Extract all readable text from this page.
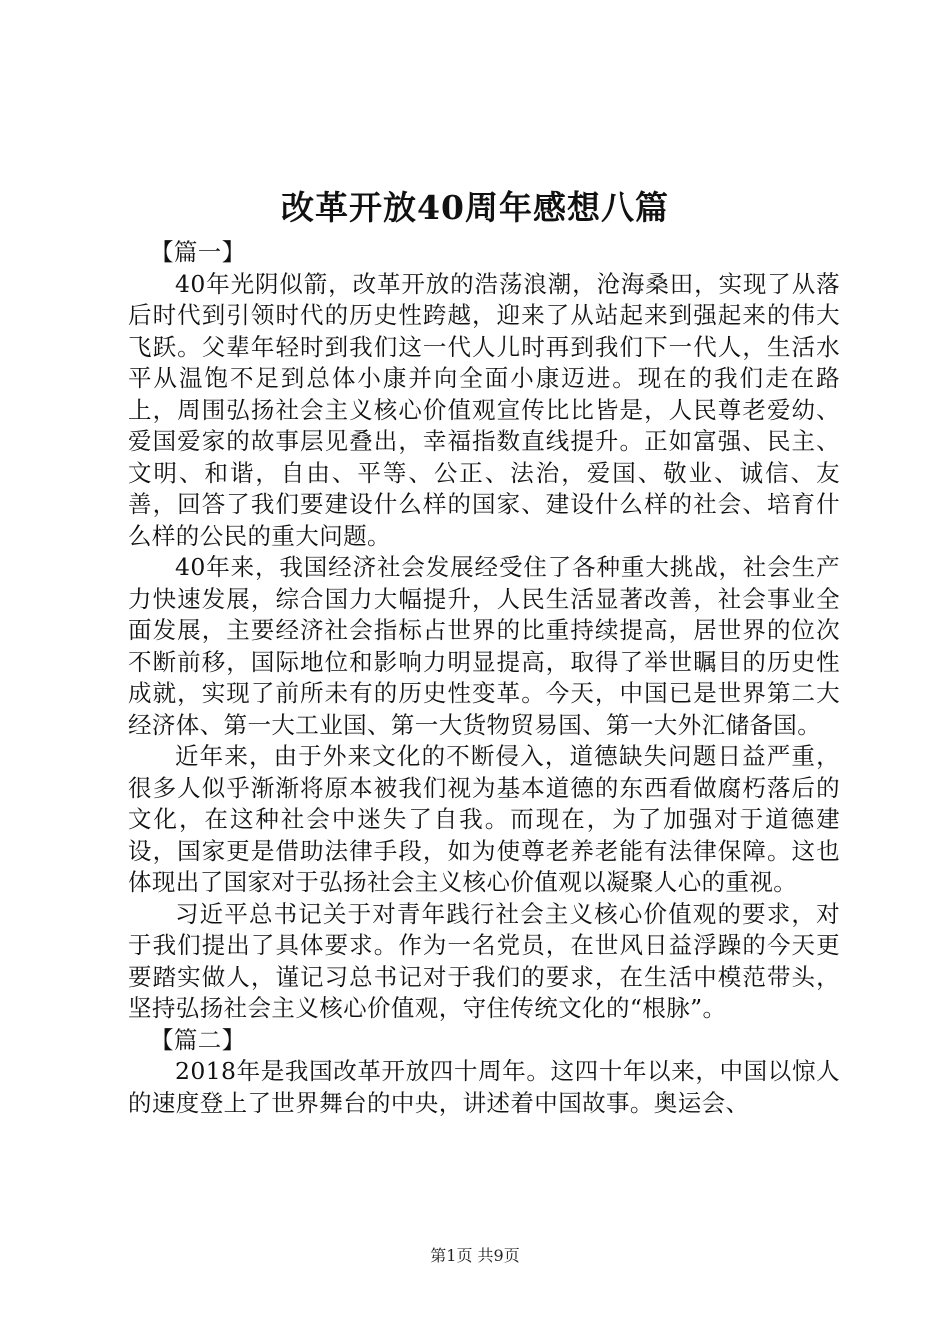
改革开放40周年感想八篇

【篇一】

40年光阴似箭，改革开放的浩荡浪潮，沧海桑田，实现了从落后时代到引领时代的历史性跨越，迎来了从站起来到强起来的伟大飞跃。父辈年轻时到我们这一代人儿时再到我们下一代人，生活水平从温饱不足到总体小康并向全面小康迈进。现在的我们走在路上，周围弘扬社会主义核心价值观宣传比比皆是，人民尊老爱幼、爱国爱家的故事层见叠出，幸福指数直线提升。正如富强、民主、文明、和谐，自由、平等、公正、法治，爱国、敬业、诚信、友善，回答了我们要建设什么样的国家、建设什么样的社会、培育什么样的公民的重大问题。

40年来，我国经济社会发展经受住了各种重大挑战，社会生产力快速发展，综合国力大幅提升，人民生活显著改善，社会事业全面发展，主要经济社会指标占世界的比重持续提高，居世界的位次不断前移，国际地位和影响力明显提高，取得了举世瞩目的历史性成就，实现了前所未有的历史性变革。今天，中国已是世界第二大经济体、第一大工业国、第一大货物贸易国、第一大外汇储备国。

近年来，由于外来文化的不断侵入，道德缺失问题日益严重，很多人似乎渐渐将原本被我们视为基本道德的东西看做腐朽落后的文化，在这种社会中迷失了自我。而现在，为了加强对于道德建设，国家更是借助法律手段，如为使尊老养老能有法律保障。这也体现出了国家对于弘扬社会主义核心价值观以凝聚人心的重视。

习近平总书记关于对青年践行社会主义核心价值观的要求，对于我们提出了具体要求。作为一名党员，在世风日益浮躁的今天更要踏实做人，谨记习总书记对于我们的要求，在生活中模范带头，坚持弘扬社会主义核心价值观，守住传统文化的“根脉”。

【篇二】

2018年是我国改革开放四十周年。这四十年以来，中国以惊人的速度登上了世界舞台的中央，讲述着中国故事。奥运会、

第1页 共9页
